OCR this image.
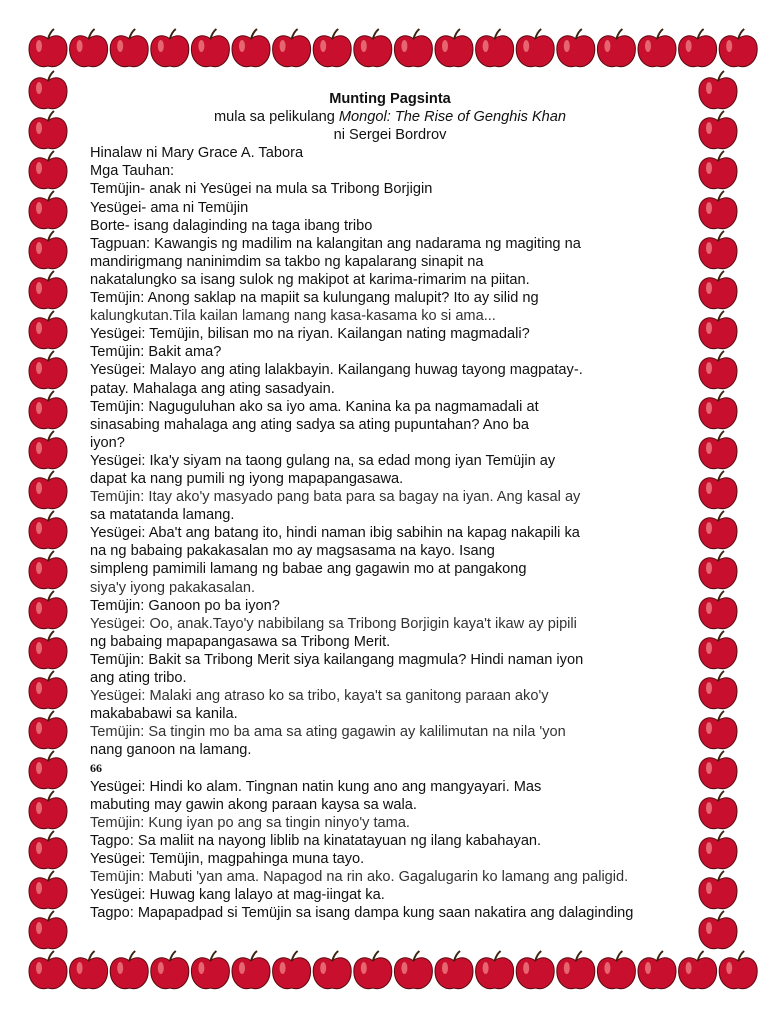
Munting Pagsinta
mula sa pelikulang Mongol: The Rise of Genghis Khan
ni Sergei Bordrov
Hinalaw ni Mary Grace A. Tabora
Mga Tauhan:
Temüjin- anak ni Yesügei na mula sa Tribong Borjigin
Yesügei- ama ni Temüjin
Borte- isang dalaginding na taga ibang tribo
Tagpuan: Kawangis ng madilim na kalangitan ang nadarama ng magiting na
mandirigmang naninimdim sa takbo ng kapalarang sinapit na
nakatalungko sa isang sulok ng makipot at karima-rimarim na piitan.
Temüjin: Anong saklap na mapiit sa kulungang malupit? Ito ay silid ng
kalungkutan.Tila kailan lamang nang kasa-kasama ko si ama...
Yesügei: Temüjin, bilisan mo na riyan. Kailangan nating magmadali?
Temüjin: Bakit ama?
Yesügei: Malayo ang ating lalakbayin. Kailangang huwag tayong magpatay-.
patay. Mahalaga ang ating sasadyain.
Temüjin: Naguguluhan ako sa iyo ama. Kanina ka pa nagmamadali at
sinasabing mahalaga ang ating sadya sa ating pupuntahan? Ano ba
iyon?
Yesügei: Ika'y siyam na taong gulang na, sa edad mong iyan Temüjin ay
dapat ka nang pumili ng iyong mapapangasawa.
Temüjin: Itay ako'y masyado pang bata para sa bagay na iyan. Ang kasal ay
sa matatanda lamang.
Yesügei: Aba't ang batang ito, hindi naman ibig sabihin na kapag nakapili ka
na ng babaing pakakasalan mo ay magsasama na kayo. Isang
simpleng pamimili lamang ng babae ang gagawin mo at pangakong
siya'y iyong pakakasalan.
Temüjin: Ganoon po ba iyon?
Yesügei: Oo, anak.Tayo'y nabibilang sa Tribong Borjigin kaya't ikaw ay pipili
ng babaing mapapangasawa sa Tribong Merit.
Temüjin: Bakit sa Tribong Merit siya kailangang magmula? Hindi naman iyon
ang ating tribo.
Yesügei: Malaki ang atraso ko sa tribo, kaya't sa ganitong paraan ako'y
makababawi sa kanila.
Temüjin: Sa tingin mo ba ama sa ating gagawin ay kalilimutan na nila 'yon
nang ganoon na lamang.
66
Yesügei: Hindi ko alam. Tingnan natin kung ano ang mangyayari. Mas
mabuting may gawin akong paraan kaysa sa wala.
Temüjin: Kung iyan po ang sa tingin ninyo'y tama.
Tagpo: Sa maliit na nayong liblib na kinatatayuan ng ilang kabahayan.
Yesügei: Temüjin, magpahinga muna tayo.
Temüjin: Mabuti 'yan ama. Napagod na rin ako. Gagalugarin ko lamang ang paligid.
Yesügei: Huwag kang lalayo at mag-iingat ka.
Tagpo: Mapapadpad si Temüjin sa isang dampa kung saan nakatira ang dalaginding
